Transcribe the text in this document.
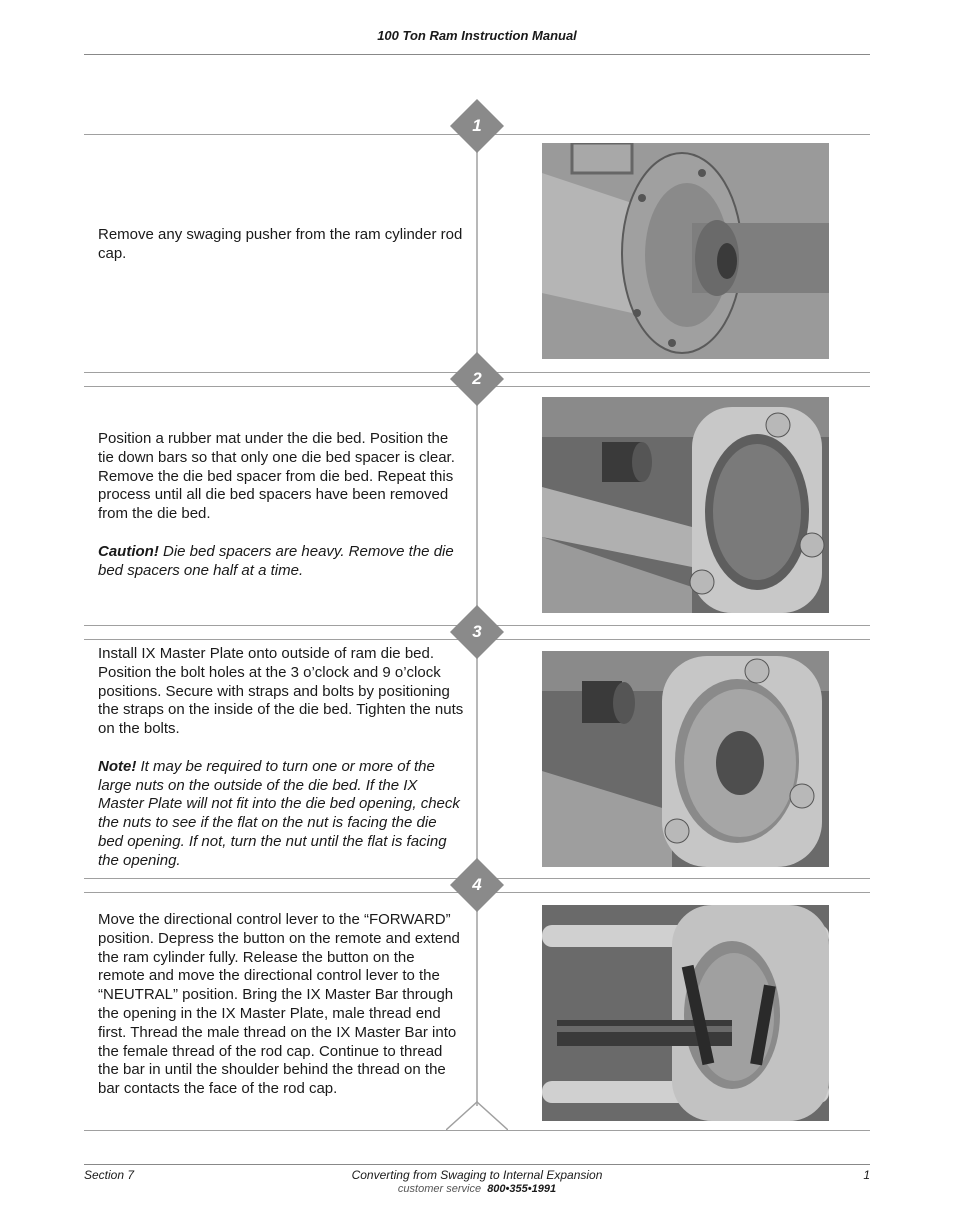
100 Ton Ram Instruction Manual
1
2
3
4

Remove any swaging pusher from the ram cylinder rod cap.

Position a rubber mat under the die bed. Position the tie down bars so that only one die bed spacer is clear. Remove the die bed spacer from die bed. Repeat this process until all die bed spacers have been removed from the die bed.

Caution! Die bed spacers are heavy. Remove the die bed spacers one half at a time.

Install IX Master Plate onto outside of ram die bed. Position the bolt holes at the 3 o’clock and 9 o’clock positions. Secure with straps and bolts by positioning the straps on the inside of the die bed. Tighten the nuts on the bolts.

Note! It may be required to turn one or more of the large nuts on the outside of the die bed. If the IX Master Plate will not fit into the die bed opening, check the nuts to see if the flat on the nut is facing the die bed opening. If not, turn the nut until the flat is facing the opening.

Move the directional control lever to the “FORWARD” position. Depress the button on the remote and extend the ram cylinder fully. Release the button on the remote and move the directional control lever to the “NEUTRAL” position. Bring the IX Master Bar through the opening in the IX Master Plate, male thread end first. Thread the male thread on the IX Master Bar into the female thread of the rod cap. Continue to thread the bar in until the shoulder behind the thread on the bar contacts the face of the rod cap.

Section 7	Converting from Swaging to Internal Expansion	1
customer service 800•355•1991
